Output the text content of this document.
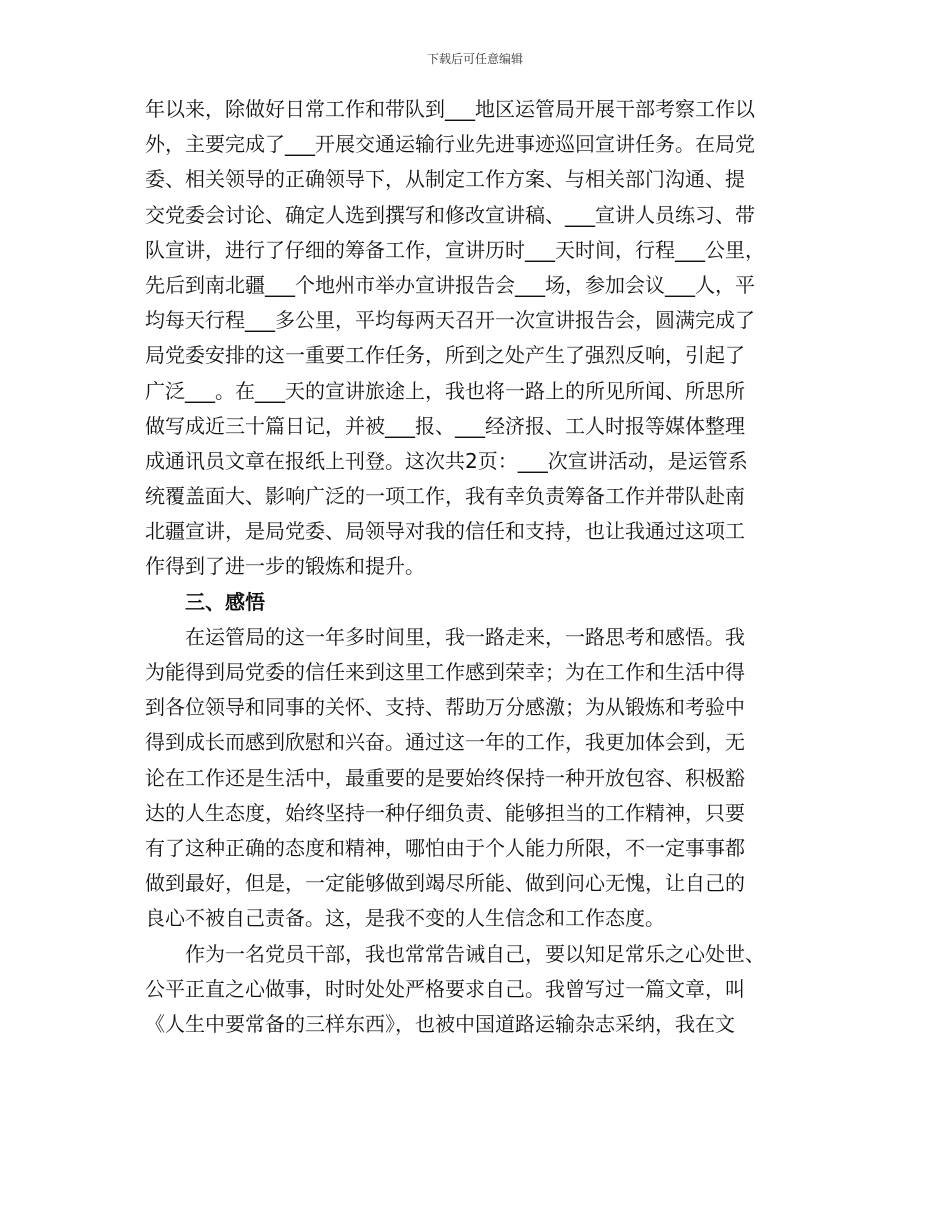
下载后可任意编辑
年以来，除做好日常工作和带队到___地区运管局开展干部考察工作以
外，主要完成了___开展交通运输行业先进事迹巡回宣讲任务。在局党
委、相关领导的正确领导下，从制定工作方案、与相关部门沟通、提
交党委会讨论、确定人选到撰写和修改宣讲稿、___宣讲人员练习、带
队宣讲，进行了仔细的筹备工作，宣讲历时___天时间，行程___公里，
先后到南北疆___个地州市举办宣讲报告会___场，参加会议___人，平
均每天行程___多公里，平均每两天召开一次宣讲报告会，圆满完成了
局党委安排的这一重要工作任务，所到之处产生了强烈反响，引起了
广泛___。在___天的宣讲旅途上，我也将一路上的所见所闻、所思所
做写成近三十篇日记，并被___报、___经济报、工人时报等媒体整理
成通讯员文章在报纸上刊登。这次共2页：___次宣讲活动，是运管系
统覆盖面大、影响广泛的一项工作，我有幸负责筹备工作并带队赴南
北疆宣讲，是局党委、局领导对我的信任和支持，也让我通过这项工
作得到了进一步的锻炼和提升。
三、感悟
在运管局的这一年多时间里，我一路走来，一路思考和感悟。我
为能得到局党委的信任来到这里工作感到荣幸；为在工作和生活中得
到各位领导和同事的关怀、支持、帮助万分感激；为从锻炼和考验中
得到成长而感到欣慰和兴奋。通过这一年的工作，我更加体会到，无
论在工作还是生活中，最重要的是要始终保持一种开放包容、积极豁
达的人生态度，始终坚持一种仔细负责、能够担当的工作精神，只要
有了这种正确的态度和精神，哪怕由于个人能力所限，不一定事事都
做到最好，但是，一定能够做到竭尽所能、做到问心无愧，让自己的
良心不被自己责备。这，是我不变的人生信念和工作态度。
作为一名党员干部，我也常常告诫自己，要以知足常乐之心处世、
公平正直之心做事，时时处处严格要求自己。我曾写过一篇文章，叫
《人生中要常备的三样东西》，也被中国道路运输杂志采纳，我在文
